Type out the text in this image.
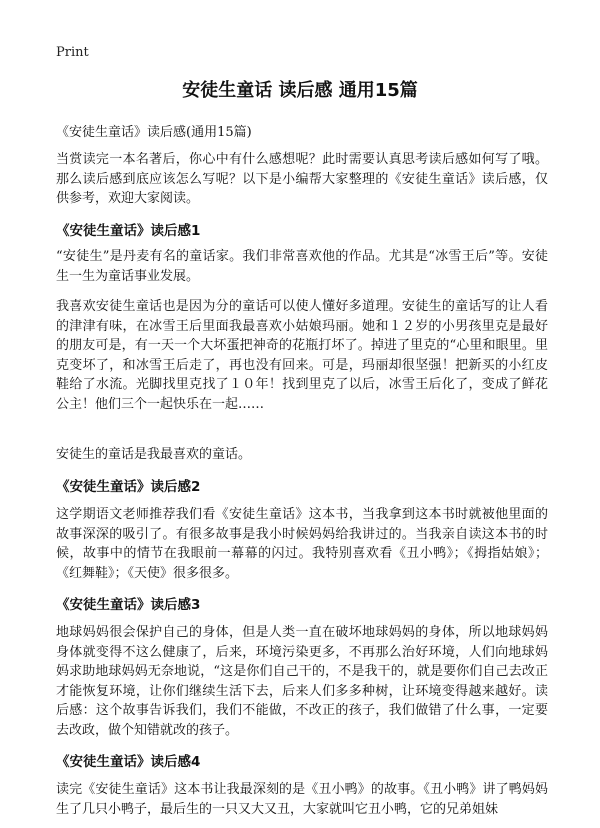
Print
安徒生童话 读后感 通用15篇
《安徒生童话》读后感(通用15篇)
当赏读完一本名著后，你心中有什么感想呢？此时需要认真思考读后感如何写了哦。那么读后感到底应该怎么写呢？以下是小编帮大家整理的《安徒生童话》读后感，仅供参考，欢迎大家阅读。
《安徒生童话》读后感1
“安徒生”是丹麦有名的童话家。我们非常喜欢他的作品。尤其是“冰雪王后”等。安徒生一生为童话事业发展。
我喜欢安徒生童话也是因为分的童话可以使人懂好多道理。安徒生的童话写的让人看的津津有味，在冰雪王后里面我最喜欢小姑娘玛丽。她和１２岁的小男孩里克是最好的朋友可是，有一天一个大坏蛋把神奇的花瓶打坏了。掉进了里克的“心里和眼里。里克变坏了，和冰雪王后走了，再也没有回来。可是，玛丽却很坚强！把新买的小红皮鞋给了水流。光脚找里克找了１０年！找到里克了以后，冰雪王后化了，变成了鲜花公主！他们三个一起快乐在一起……
安徒生的童话是我最喜欢的童话。
《安徒生童话》读后感2
这学期语文老师推荐我们看《安徒生童话》这本书，当我拿到这本书时就被他里面的故事深深的吸引了。有很多故事是我小时候妈妈给我讲过的。当我亲自读这本书的时候，故事中的情节在我眼前一幕幕的闪过。我特别喜欢看《丑小鸭》；《拇指姑娘》；《红舞鞋》；《天使》很多很多。
《安徒生童话》读后感3
地球妈妈很会保护自己的身体，但是人类一直在破坏地球妈妈的身体，所以地球妈妈身体就变得不这么健康了，后来，环境污染更多，不再那么治好环境，人们向地球妈妈求助地球妈妈无奈地说，“这是你们自己干的，不是我干的，就是要你们自己去改正才能恢复环境，让你们继续生活下去，后来人们多多种树，让环境变得越来越好。读后感：这个故事告诉我们，我们不能做，不改正的孩子，我们做错了什么事，一定要去改政，做个知错就改的孩子。
《安徒生童话》读后感4
读完《安徒生童话》这本书让我最深刻的是《丑小鸭》的故事。《丑小鸭》讲了鸭妈妈生了几只小鸭子，最后生的一只又大又丑，大家就叫它丑小鸭，它的兄弟姐妹
